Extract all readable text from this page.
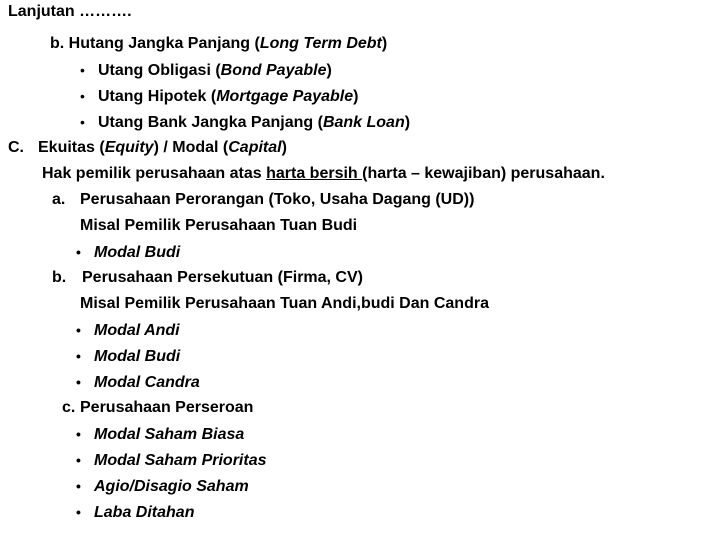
Lanjutan ……….
b. Hutang Jangka Panjang (Long Term Debt)
• Utang Obligasi (Bond Payable)
• Utang Hipotek (Mortgage Payable)
• Utang Bank Jangka Panjang (Bank Loan)
C. Ekuitas (Equity) / Modal (Capital)
Hak pemilik perusahaan atas harta bersih (harta – kewajiban) perusahaan.
a. Perusahaan Perorangan (Toko, Usaha Dagang (UD))
Misal Pemilik Perusahaan Tuan Budi
• Modal Budi
b. Perusahaan Persekutuan (Firma, CV)
Misal Pemilik Perusahaan Tuan Andi,budi Dan Candra
• Modal Andi
• Modal Budi
• Modal Candra
c. Perusahaan Perseroan
• Modal Saham Biasa
• Modal Saham Prioritas
• Agio/Disagio Saham
• Laba Ditahan
